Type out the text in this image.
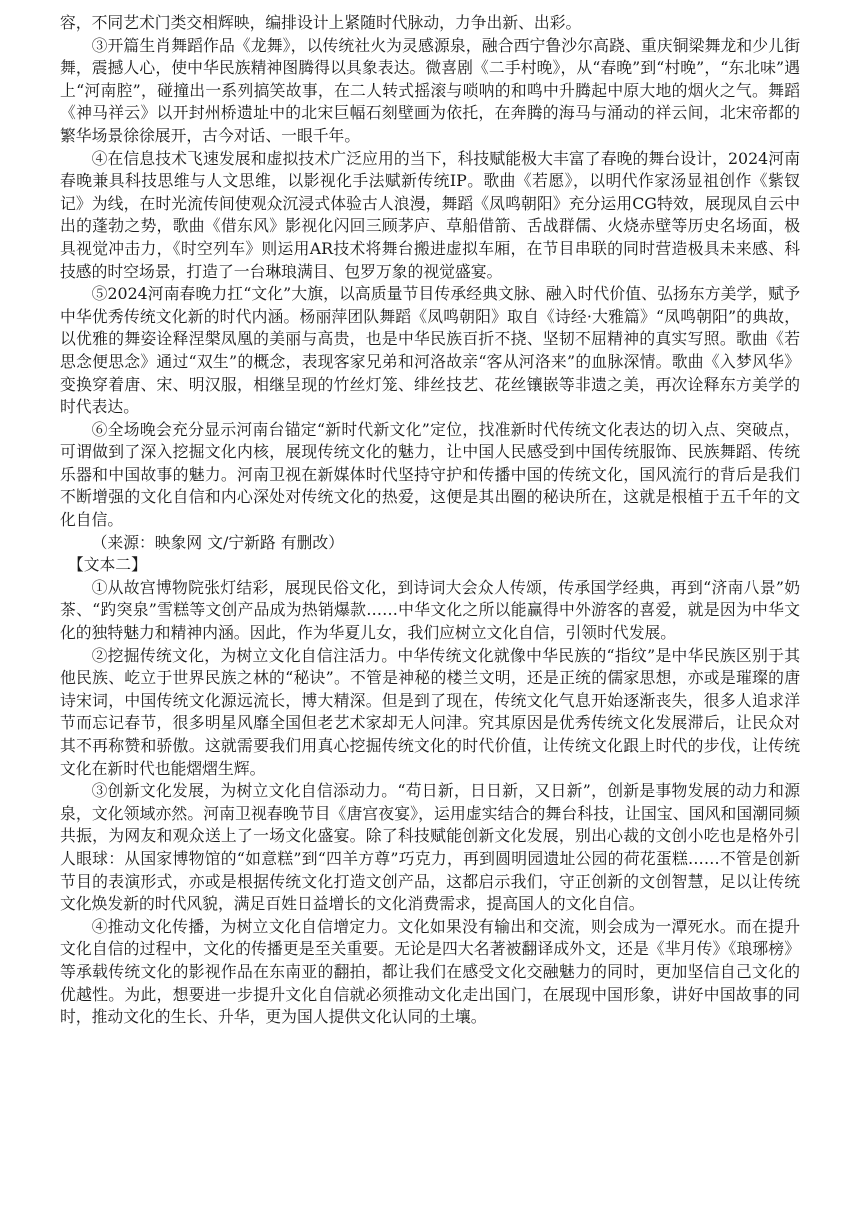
容，不同艺术门类交相辉映，编排设计上紧随时代脉动，力争出新、出彩。

③开篇生肖舞蹈作品《龙舞》，以传统社火为灵感源泉，融合西宁鲁沙尔高跷、重庆铜梁舞龙和少儿街舞，震撼人心，使中华民族精神图腾得以具象表达。微喜剧《二手村晚》，从“春晚”到“村晚”，“东北味”遇上“河南腔”，碰撞出一系列搞笑故事，在二人转式摇滚与唢呐的和鸣中升腾起中原大地的烟火之气。舞蹈《神马祥云》以开封州桥遗址中的北宋巨幅石刻壁画为依托，在奔腾的海马与涌动的祥云间，北宋帝都的繁华场景徐徐展开，古今对话、一眼千年。

④在信息技术飞速发展和虚拟技术广泛应用的当下，科技赋能极大丰富了春晚的舞台设计，2024河南春晚兼具科技思维与人文思维，以影视化手法赋新传统IP。歌曲《若愿》，以明代作家汤显祖创作《紫钗记》为线，在时光流传间使观众沉浸式体验古人浪漫，舞蹈《凤鸣朝阳》充分运用CG特效，展现凤自云中出的蓬勃之势，歌曲《借东风》影视化闪回三顾茅庐、草船借箭、舌战群儒、火烧赤壁等历史名场面，极具视觉冲击力，《时空列车》则运用AR技术将舞台搬进虚拟车厢，在节目串联的同时营造极具未来感、科技感的时空场景，打造了一台琳琅满目、包罗万象的视觉盛宴。

⑤2024河南春晚力扛“文化”大旗，以高质量节目传承经典文脉、融入时代价值、弘扬东方美学，赋予中华优秀传统文化新的时代内涵。杨丽萍团队舞蹈《凤鸣朝阳》取自《诗经·大雅篇》“凤鸣朝阳”的典故，以优雅的舞姿诠释涅槃凤凰的美丽与高贵，也是中华民族百折不挠、坚韧不屈精神的真实写照。歌曲《若思念便思念》通过“双生”的概念，表现客家兄弟和河洛故亲“客从河洛来”的血脉深情。歌曲《入梦风华》变换穿着唐、宋、明汉服，相继呈现的竹丝灯笼、绯丝技艺、花丝镶嵌等非遗之美，再次诠释东方美学的时代表达。

⑥全场晚会充分显示河南台锚定“新时代新文化”定位，找准新时代传统文化表达的切入点、突破点，可谓做到了深入挖掘文化内核，展现传统文化的魅力，让中国人民感受到中国传统服饰、民族舞蹈、传统乐器和中国故事的魅力。河南卫视在新媒体时代坚持守护和传播中国的传统文化，国风流行的背后是我们不断增强的文化自信和内心深处对传统文化的热爱，这便是其出圈的秘诀所在，这就是根植于五千年的文化自信。

（来源：映象网 文/宁新路 有删改）

【文本二】

①从故宫博物院张灯结彩，展现民俗文化，到诗词大会众人传颂，传承国学经典，再到“济南八景”奶茶、“趵突泉”雪糕等文创产品成为热销爆款……中华文化之所以能赢得中外游客的喜爱，就是因为中华文化的独特魅力和精神内涵。因此，作为华夏儿女，我们应树立文化自信，引领时代发展。

②挖掘传统文化，为树立文化自信注活力。中华传统文化就像中华民族的“指纹”是中华民族区别于其他民族、屹立于世界民族之林的“秘诀”。不管是神秘的楼兰文明，还是正统的儒家思想，亦或是璀璨的唐诗宋词，中国传统文化源远流长，博大精深。但是到了现在，传统文化气息开始逐渐丧失，很多人追求洋节而忘记春节，很多明星风靡全国但老艺术家却无人问津。究其原因是优秀传统文化发展滞后，让民众对其不再称赞和骄傲。这就需要我们用真心挖掘传统文化的时代价值，让传统文化跟上时代的步伐，让传统文化在新时代也能熠熠生辉。

③创新文化发展，为树立文化自信添动力。“苟日新，日日新，又日新”，创新是事物发展的动力和源泉，文化领域亦然。河南卫视春晚节目《唐宫夜宴》，运用虚实结合的舞台科技，让国宝、国风和国潮同频共振，为网友和观众送上了一场文化盛宴。除了科技赋能创新文化发展，别出心裁的文创小吃也是格外引人眼球：从国家博物馆的“如意糕”到“四羊方尊”巧克力，再到圆明园遗址公园的荷花蛋糕……不管是创新节目的表演形式，亦或是根据传统文化打造文创产品，这都启示我们，守正创新的文创智慧，足以让传统文化焕发新的时代风貌，满足百姓日益增长的文化消费需求，提高国人的文化自信。

④推动文化传播，为树立文化自信增定力。文化如果没有输出和交流，则会成为一潭死水。而在提升文化自信的过程中，文化的传播更是至关重要。无论是四大名著被翻译成外文，还是《芈月传》《琅琊榜》等承载传统文化的影视作品在东南亚的翻拍，都让我们在感受文化交融魅力的同时，更加坚信自己文化的优越性。为此，想要进一步提升文化自信就必须推动文化走出国门，在展现中国形象，讲好中国故事的同时，推动文化的生长、升华，更为国人提供文化认同的土壤。
